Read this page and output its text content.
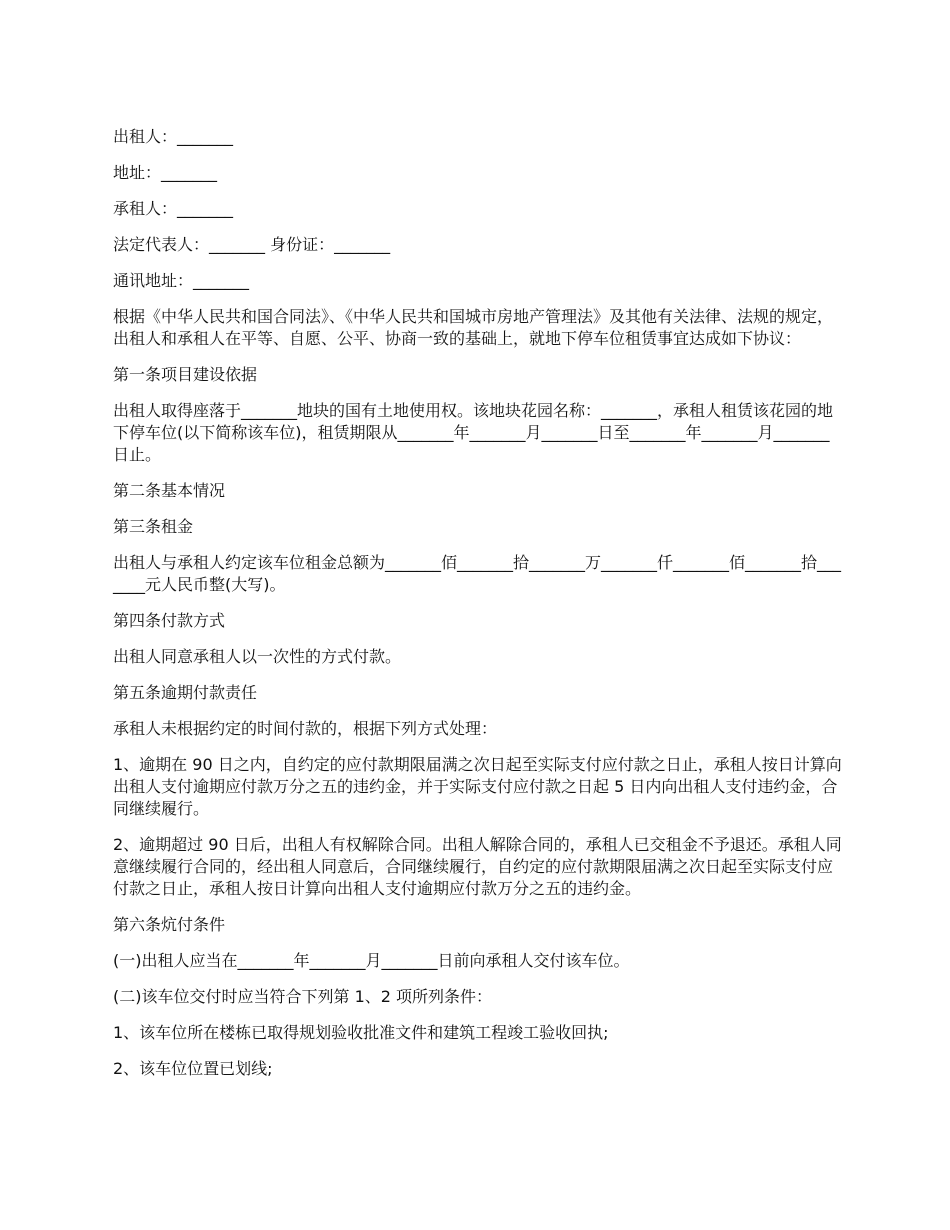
出租人：_______

地址：_______

承租人：_______

法定代表人：_______ 身份证：_______

通讯地址：_______

根据《中华人民共和国合同法》、《中华人民共和国城市房地产管理法》及其他有关法律、法规的规定，出租人和承租人在平等、自愿、公平、协商一致的基础上，就地下停车位租赁事宜达成如下协议：

第一条项目建设依据

出租人取得座落于_______地块的国有土地使用权。该地块花园名称：_______，承租人租赁该花园的地下停车位(以下简称该车位)，租赁期限从_______年_______月_______日至_______年_______月_______日止。

第二条基本情况

第三条租金

出租人与承租人约定该车位租金总额为_______佰_______拾_______万_______仟_______佰_______拾_______元人民币整(大写)。

第四条付款方式

出租人同意承租人以一次性的方式付款。

第五条逾期付款责任

承租人未根据约定的时间付款的，根据下列方式处理：

1、逾期在 90 日之内，自约定的应付款期限届满之次日起至实际支付应付款之日止，承租人按日计算向出租人支付逾期应付款万分之五的违约金，并于实际支付应付款之日起 5 日内向出租人支付违约金，合同继续履行。

2、逾期超过 90 日后，出租人有权解除合同。出租人解除合同的，承租人已交租金不予退还。承租人同意继续履行合同的，经出租人同意后，合同继续履行，自约定的应付款期限届满之次日起至实际支付应付款之日止，承租人按日计算向出租人支付逾期应付款万分之五的违约金。

第六条炕付条件

(一)出租人应当在_______年_______月_______日前向承租人交付该车位。

(二)该车位交付时应当符合下列第 1、2 项所列条件：

1、该车位所在楼栋已取得规划验收批准文件和建筑工程竣工验收回执;

2、该车位位置已划线;
